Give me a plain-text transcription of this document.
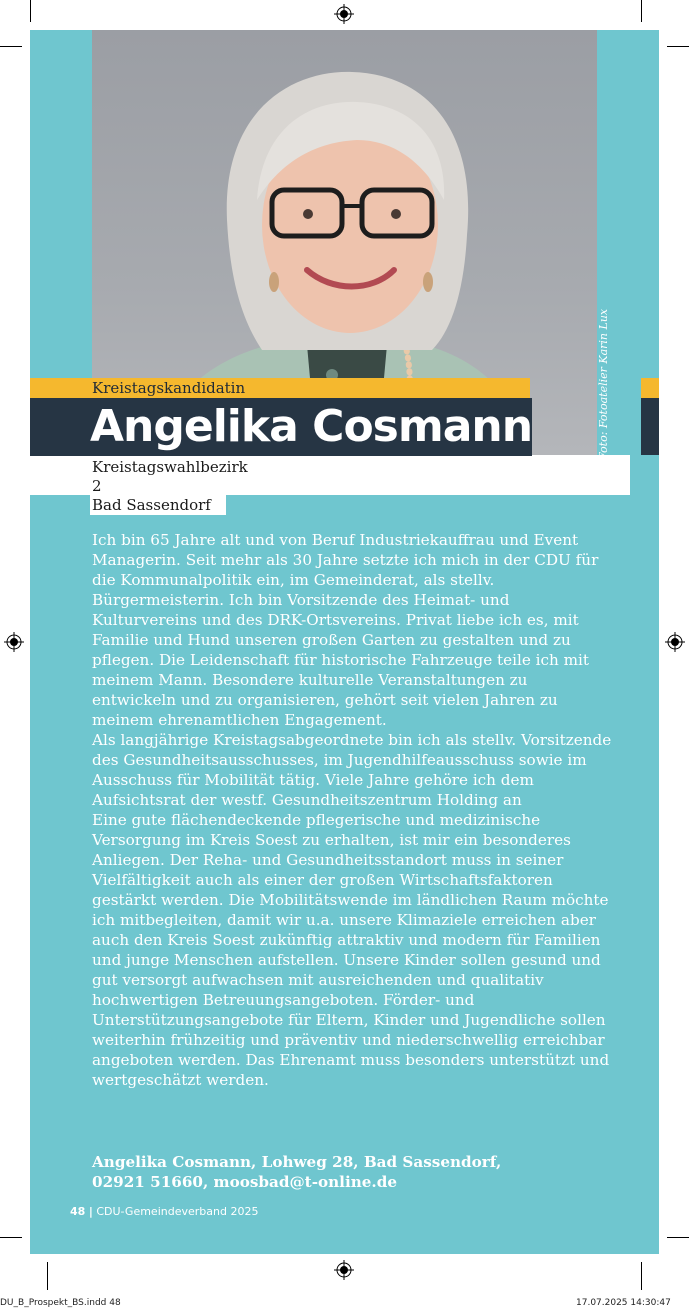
Foto: Fotoatelier Karin Lux
Kreistagskandidatin
Angelika Cosmann
Kreistagswahlbezirk 2
Bad Sassendorf

Ich bin 65 Jahre alt und von Beruf Industriekauffrau und Event Managerin. Seit mehr als 30 Jahre setzte ich mich in der CDU für die Kommunalpolitik ein, im Gemeinderat, als stellv. Bürgermeisterin. Ich bin Vorsitzende des Heimat- und Kulturvereins und des DRK-Ortsvereins. Privat liebe ich es, mit Familie und Hund unseren großen Garten zu gestalten und zu pflegen. Die Leidenschaft für historische Fahrzeuge teile ich mit meinem Mann. Besondere kulturelle Veranstaltungen zu entwickeln und zu organisieren, gehört seit vielen Jahren zu meinem ehrenamtlichen Engagement.

Als langjährige Kreistagsabgeordnete bin ich als stellv. Vorsitzende des Gesundheitsausschusses, im Jugendhilfeausschuss sowie im Ausschuss für Mobilität tätig. Viele Jahre gehöre ich dem Aufsichtsrat der westf. Gesundheitszentrum Holding an

Eine gute flächendeckende pflegerische und medizinische Versorgung im Kreis Soest zu erhalten, ist mir ein besonderes Anliegen. Der Reha- und Gesundheitsstandort muss in seiner Vielfältigkeit auch als einer der großen Wirtschaftsfaktoren gestärkt werden. Die Mobilitätswende im ländlichen Raum möchte ich mitbegleiten, damit wir u.a. unsere Klimaziele erreichen aber auch den Kreis Soest zukünftig attraktiv und modern für Familien und junge Menschen aufstellen. Unsere Kinder sollen gesund und gut versorgt aufwachsen mit ausreichenden und qualitativ hochwertigen Betreuungsangeboten. Förder- und Unterstützungsangebote für Eltern, Kinder und Jugendliche sollen weiterhin frühzeitig und präventiv und niederschwellig erreichbar angeboten werden. Das Ehrenamt muss besonders unterstützt und wertgeschätzt werden.

Angelika Cosmann, Lohweg 28, Bad Sassendorf,
02921 51660, moosbad@t-online.de
48 | CDU-Gemeindeverband 2025
DU_B_Prospekt_BS.indd 48	17.07.2025 14:30:47
